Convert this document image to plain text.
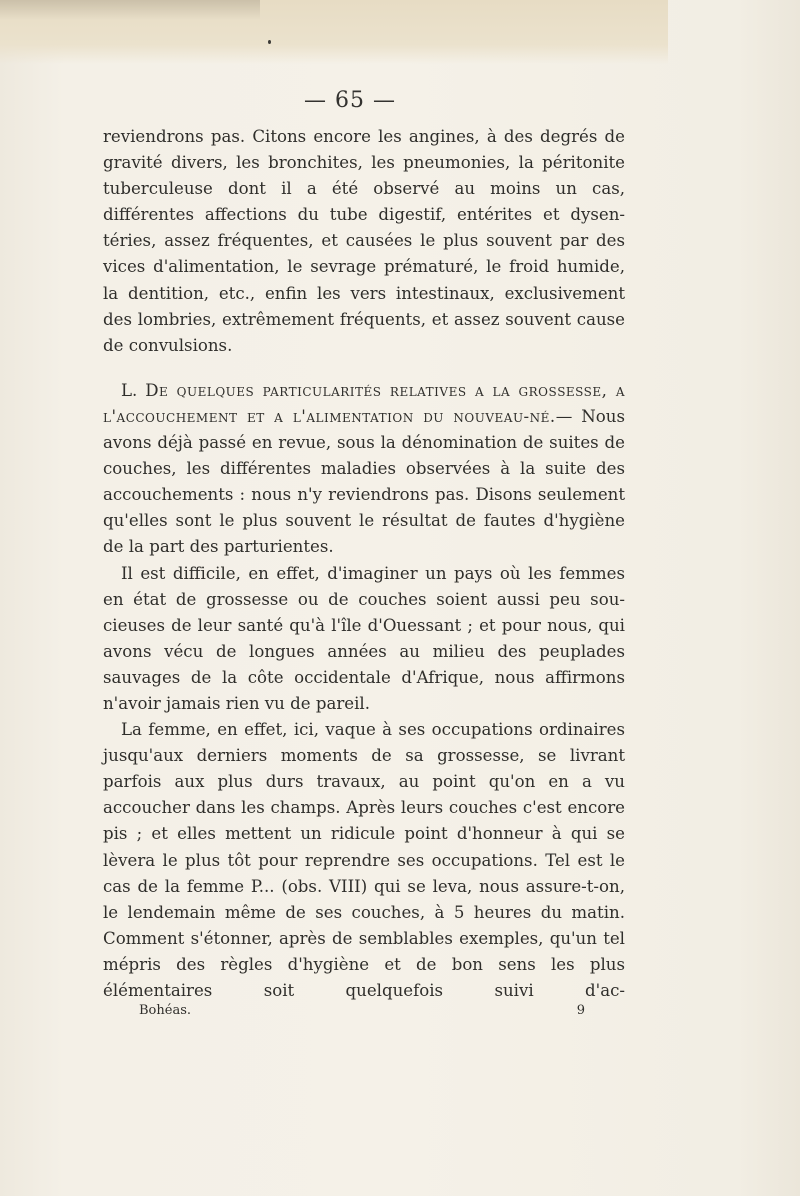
— 65 —

reviendrons pas. Citons encore les angines, à des degrés de gravité divers, les bronchites, les pneumonies, la péritonite tuberculeuse dont il a été observé au moins un cas, différentes affections du tube digestif, entérites et dysentéries, assez fréquentes, et causées le plus souvent par des vices d'alimentation, le sevrage prématuré, le froid humide, la dentition, etc., enfin les vers intestinaux, exclusivement des lombries, extrêmement fréquents, et assez souvent cause de convulsions.

L. De quelques particularités relatives a la grossesse, a l'accouchement et a l'alimentation du nouveau-né.— Nous avons déjà passé en revue, sous la dénomination de suites de couches, les différentes maladies observées à la suite des accouchements : nous n'y reviendrons pas. Disons seulement qu'elles sont le plus souvent le résultat de fautes d'hygiène de la part des parturientes.

Il est difficile, en effet, d'imaginer un pays où les femmes en état de grossesse ou de couches soient aussi peu soucieuses de leur santé qu'à l'île d'Ouessant ; et pour nous, qui avons vécu de longues années au milieu des peuplades sauvages de la côte occidentale d'Afrique, nous affirmons n'avoir jamais rien vu de pareil.

La femme, en effet, ici, vaque à ses occupations ordinaires jusqu'aux derniers moments de sa grossesse, se livrant parfois aux plus durs travaux, au point qu'on en a vu accoucher dans les champs. Après leurs couches c'est encore pis ; et elles mettent un ridicule point d'honneur à qui se lèvera le plus tôt pour reprendre ses occupations. Tel est le cas de la femme P... (obs. VIII) qui se leva, nous assure-t-on, le lendemain même de ses couches, à 5 heures du matin. Comment s'étonner, après de semblables exemples, qu'un tel mépris des règles d'hygiène et de bon sens les plus élémentaires soit quelquefois suivi d'ac-

Bohéas.	9
